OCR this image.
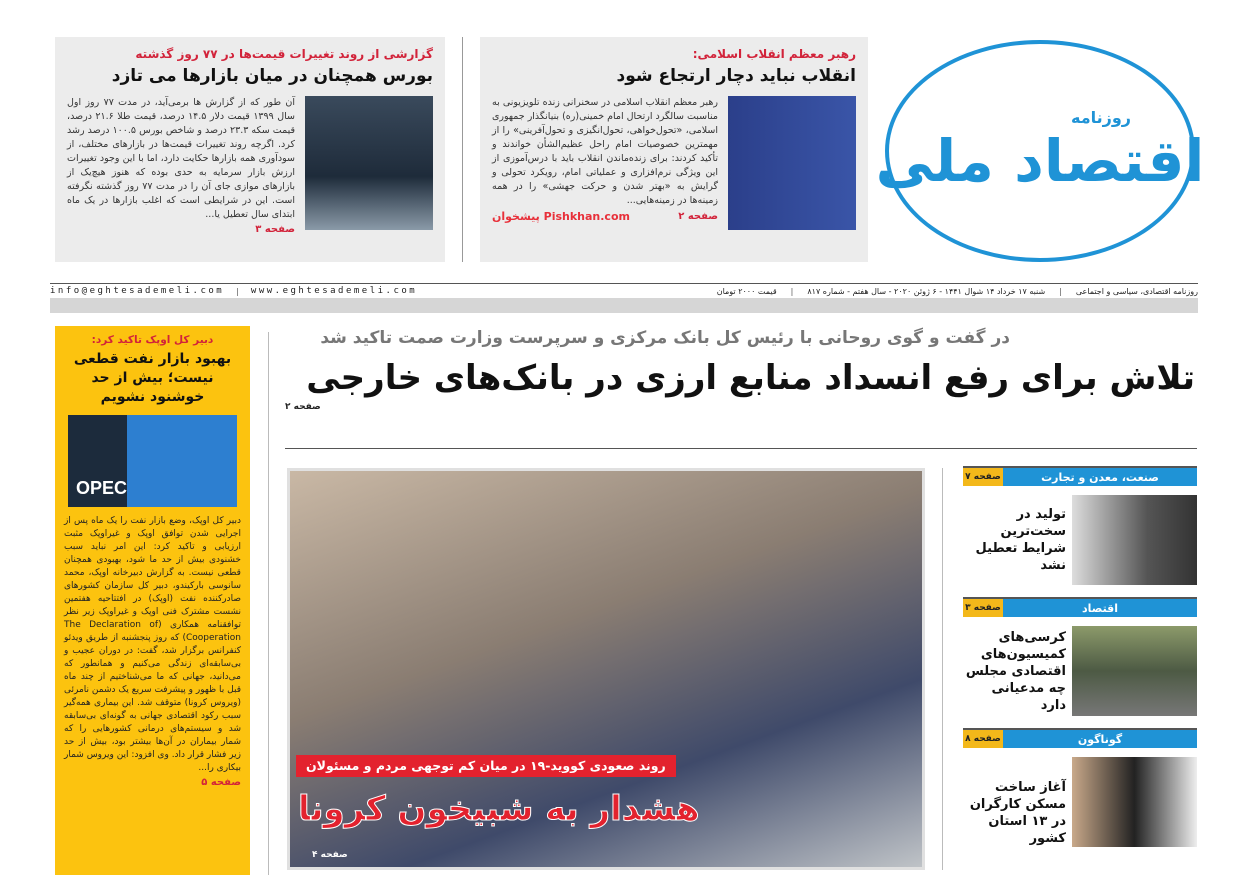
گزارشی از روند تغییرات قیمت‌ها در ۷۷ روز گذشته
بورس همچنان در میان بازارها می تازد
آن طور که از گزارش ها برمی‌آید، در مدت ۷۷ روز اول سال ۱۳۹۹ قیمت دلار ۱۴.۵ درصد، قیمت طلا ۲۱.۶ درصد، قیمت سکه ۲۳.۳ درصد و شاخص بورس ۱۰۰.۵ درصد رشد کرد. اگرچه روند تغییرات قیمت‌ها در بازارهای مختلف، از سودآوری همه بازارها حکایت دارد، اما با این وجود تغییرات ارزش بازار سرمایه به حدی بوده که هنوز هیچ‌یک از بازارهای موازی جای آن را در مدت ۷۷ روز گذشته نگرفته است. این در شرایطی است که اغلب بازارها در یک ماه ابتدای سال تعطیل یا...
صفحه ۳
رهبر معظم انقلاب اسلامی:
انقلاب نباید دچار ارتجاع شود
رهبر معظم انقلاب اسلامی در سخنرانی زنده تلویزیونی به مناسبت سالگرد ارتحال امام خمینی(ره) بنیانگذار جمهوری اسلامی، «تحول‌خواهی، تحول‌انگیزی و تحول‌آفرینی» را از مهمترین خصوصیات امام راحل عظیم‌الشأن خواندند و تأکید کردند: برای زنده‌ماندن انقلاب باید با درس‌آموزی از این ویژگی نرم‌افزاری و عملیاتی امام، رویکرد تحولی و گرایش به «بهتر شدن و حرکت جهشی» را در همه زمینه‌ها در زمینه‌هایی...
صفحه ۲
پیشخوان Pishkhan.com
روزنامه
اقتصاد ملی
info@eghtesademeli.com | www.eghtesademeli.com	قیمت ۲۰۰۰ تومان | شنبه ۱۷ خرداد ۱۴ شوال ۱۴۴۱ - ۶ ژوئن ۲۰۲۰ - سال هفتم - شماره ۸۱۷ | روزنامه اقتصادی، سیاسی و اجتماعی
دبیر کل اوپک تاکید کرد:
بهبود بازار نفت قطعی نیست؛ بیش از حد خوشنود نشویم
OPEC
دبیر کل اوپک، وضع بازار نفت را یک ماه پس از اجرایی شدن توافق اوپک و غیراوپک مثبت ارزیابی و تاکید کرد: این امر نباید سبب خشنودی بیش از حد ما شود، بهبودی همچنان قطعی نیست. به گزارش دبیرخانه اوپک، محمد سانوسی بارکیندو، دبیر کل سازمان کشورهای صادرکننده نفت (اوپک) در افتتاحیه هفتمین نشست مشترک فنی اوپک و غیراوپک زیر نظر توافقنامه همکاری (The Declaration of Cooperation) که روز پنجشنبه از طریق ویدئو کنفرانس برگزار شد، گفت: در دوران عجیب و بی‌سابقه‌ای زندگی می‌کنیم و همانطور که می‌دانید، جهانی که ما می‌شناختیم از چند ماه قبل با ظهور و پیشرفت سریع یک دشمن نامرئی (ویروس کرونا) متوقف شد. این بیماری همه‌گیر سبب رکود اقتصادی جهانی به گونه‌ای بی‌سابقه شد و سیستم‌های درمانی کشورهایی را که شمار بیماران در آن‌ها بیشتر بود، بیش از حد زیر فشار قرار داد. وی افزود: این ویروس شمار بیکاری را...
صفحه ۵
در گفت و گوی روحانی با رئیس کل بانک مرکزی و سرپرست وزارت صمت تاکید شد
تلاش برای رفع انسداد منابع ارزی در بانک‌های خارجی
صفحه ۲
روند صعودی کووید-۱۹ در میان کم توجهی مردم و مسئولان
هشدار به شبیخون کرونا
صفحه ۴
صفحه ۷	صنعت، معدن و تجارت
تولید در سخت‌ترین شرایط تعطیل نشد
صفحه ۳	اقتصاد
کرسی‌های کمیسیون‌های اقتصادی مجلس چه مدعیانی دارد
صفحه ۸	گوناگون
آغاز ساخت مسکن کارگران در ۱۳ استان کشور
